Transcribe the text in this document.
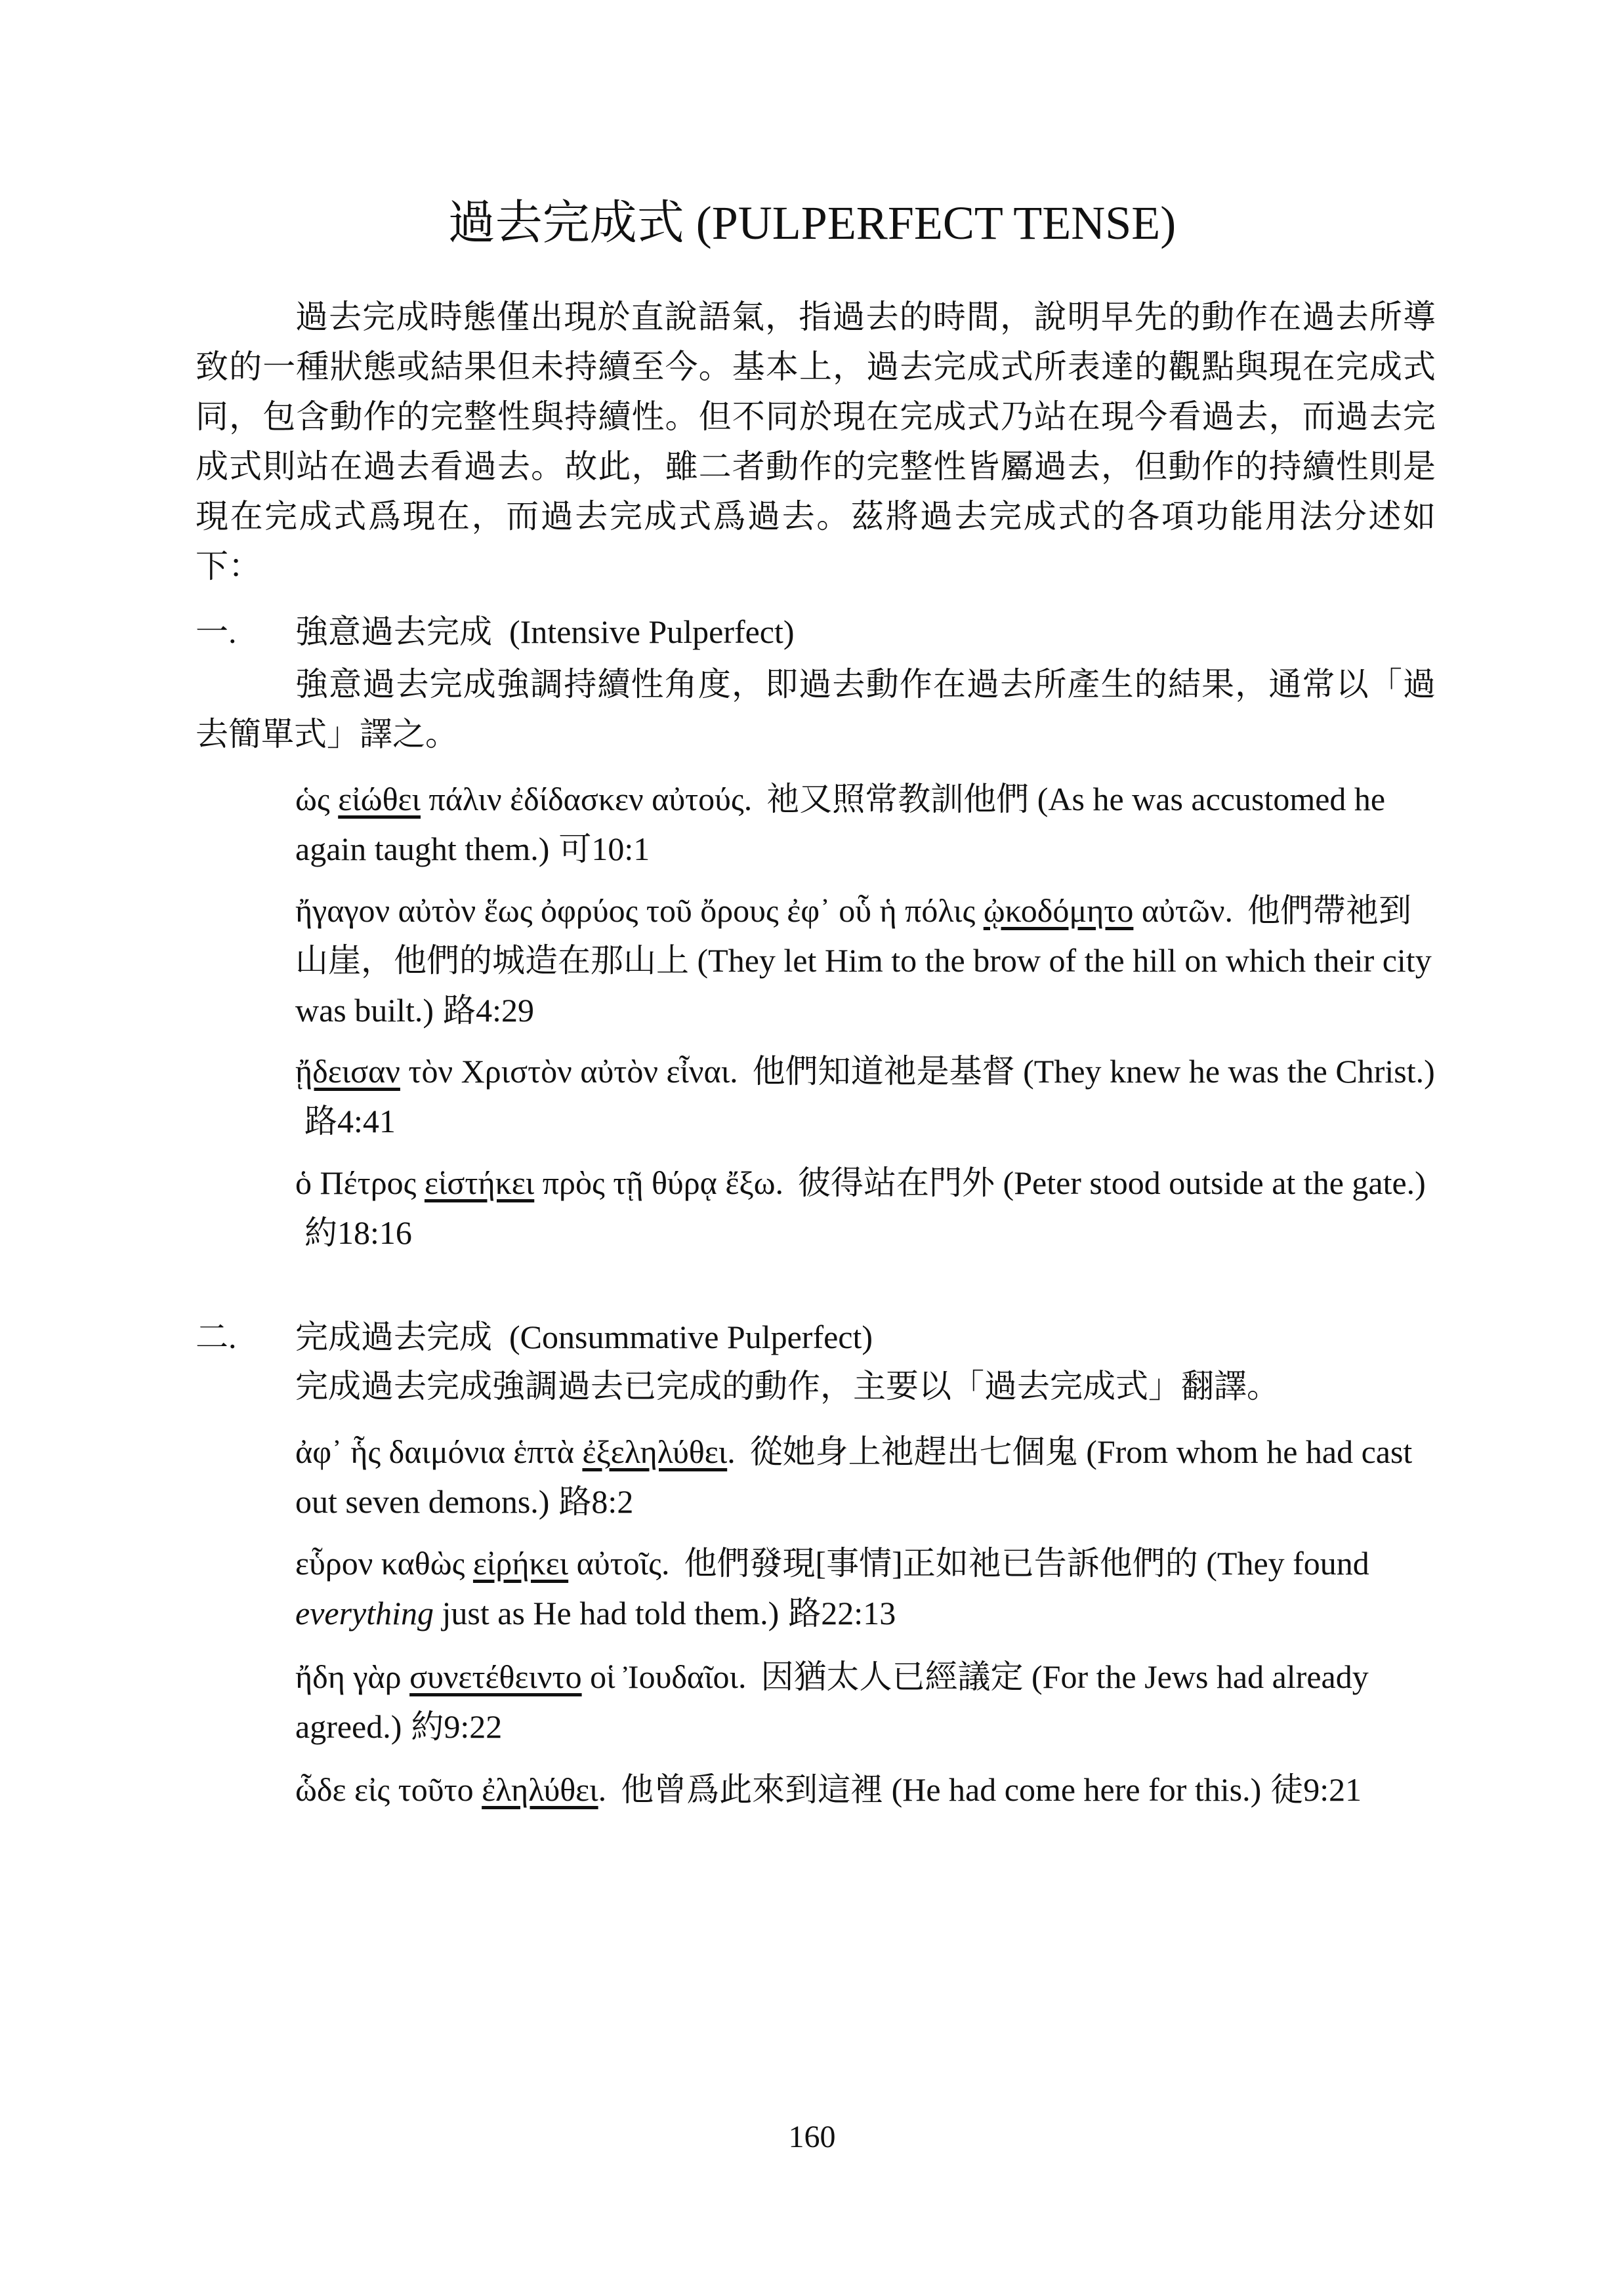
過去完成式 (PULPERFECT TENSE)

過去完成時態僅出現於直說語氣，指過去的時間，說明早先的動作在過去所導致的一種狀態或結果但未持續至今。基本上，過去完成式所表達的觀點與現在完成式同，包含動作的完整性與持續性。但不同於現在完成式乃站在現今看過去，而過去完成式則站在過去看過去。故此，雖二者動作的完整性皆屬過去，但動作的持續性則是現在完成式爲現在，而過去完成式爲過去。茲將過去完成式的各項功能用法分述如下：

一. 強意過去完成 (Intensive Pulperfect)

強意過去完成強調持續性角度，即過去動作在過去所產生的結果，通常以「過去簡單式」譯之。

ὡς εἰώθει πάλιν ἐδίδασκεν αὐτούς. 祂又照常教訓他們 (As he was accustomed he again taught them.) 可10:1

ἤγαγον αὐτὸν ἕως ὀφρύος τοῦ ὄρους ἐφ᾽ οὗ ἡ πόλις ᾠκοδόμητο αὐτῶν. 他們帶祂到山崖，他們的城造在那山上 (They let Him to the brow of the hill on which their city was built.) 路4:29

ᾔδεισαν τὸν Χριστὸν αὐτὸν εἶναι. 他們知道祂是基督 (They knew he was the Christ.)路4:41

ὁ Πέτρος εἱστήκει πρὸς τῇ θύρᾳ ἔξω. 彼得站在門外 (Peter stood outside at the gate.)約18:16

二. 完成過去完成 (Consummative Pulperfect)

完成過去完成強調過去已完成的動作，主要以「過去完成式」翻譯。

ἀφ᾽ ἧς δαιμόνια ἑπτὰ ἐξεληλύθει. 從她身上祂趕出七個鬼 (From whom he had cast out seven demons.) 路8:2

εὗρον καθὼς εἰρήκει αὐτοῖς. 他們發現[事情]正如祂已告訴他們的 (They found everything just as He had told them.) 路22:13

ἤδη γὰρ συνετέθειντο οἱ Ἰουδαῖοι. 因猶太人已經議定 (For the Jews had already agreed.) 約9:22

ὧδε εἰς τοῦτο ἐληλύθει. 他曾爲此來到這裡 (He had come here for this.) 徒9:21

160
